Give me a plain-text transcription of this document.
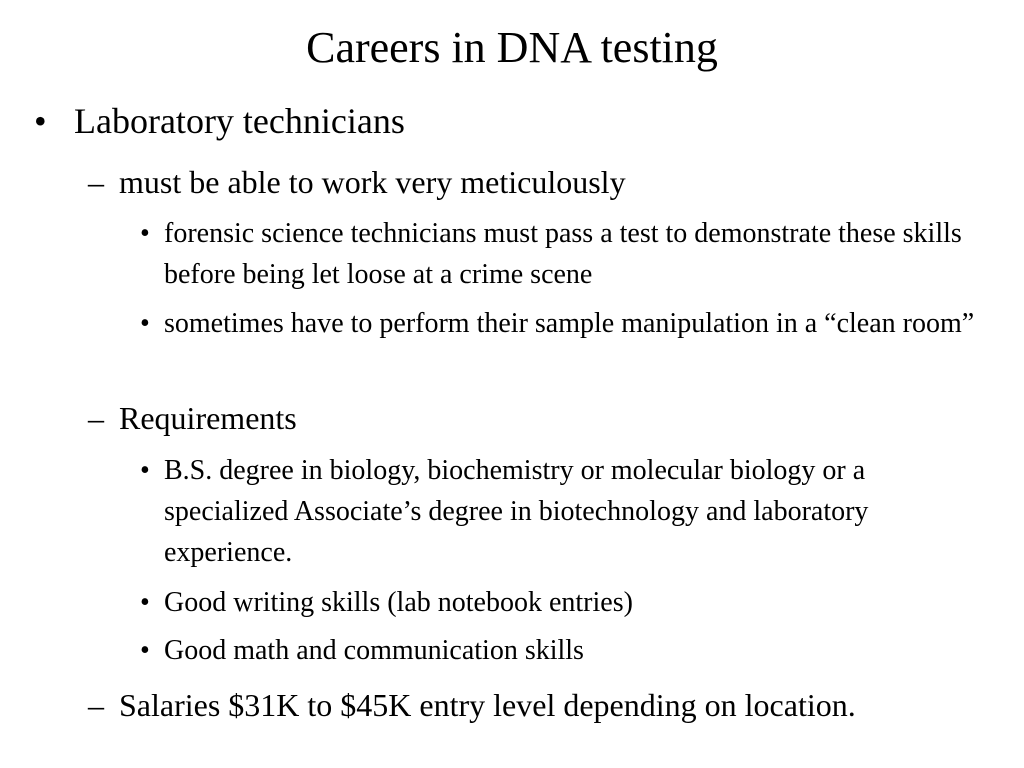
Careers in DNA testing
• Laboratory technicians
– must be able to work very meticulously
• forensic science technicians must pass a test to demonstrate these skills before being let loose at a crime scene
• sometimes have to perform their sample manipulation in a “clean room”
– Requirements
• B.S. degree in biology, biochemistry or molecular biology or a specialized Associate’s degree in biotechnology and laboratory experience.
• Good writing skills (lab notebook entries)
• Good math and communication skills
– Salaries $31K to $45K entry level depending on location.
